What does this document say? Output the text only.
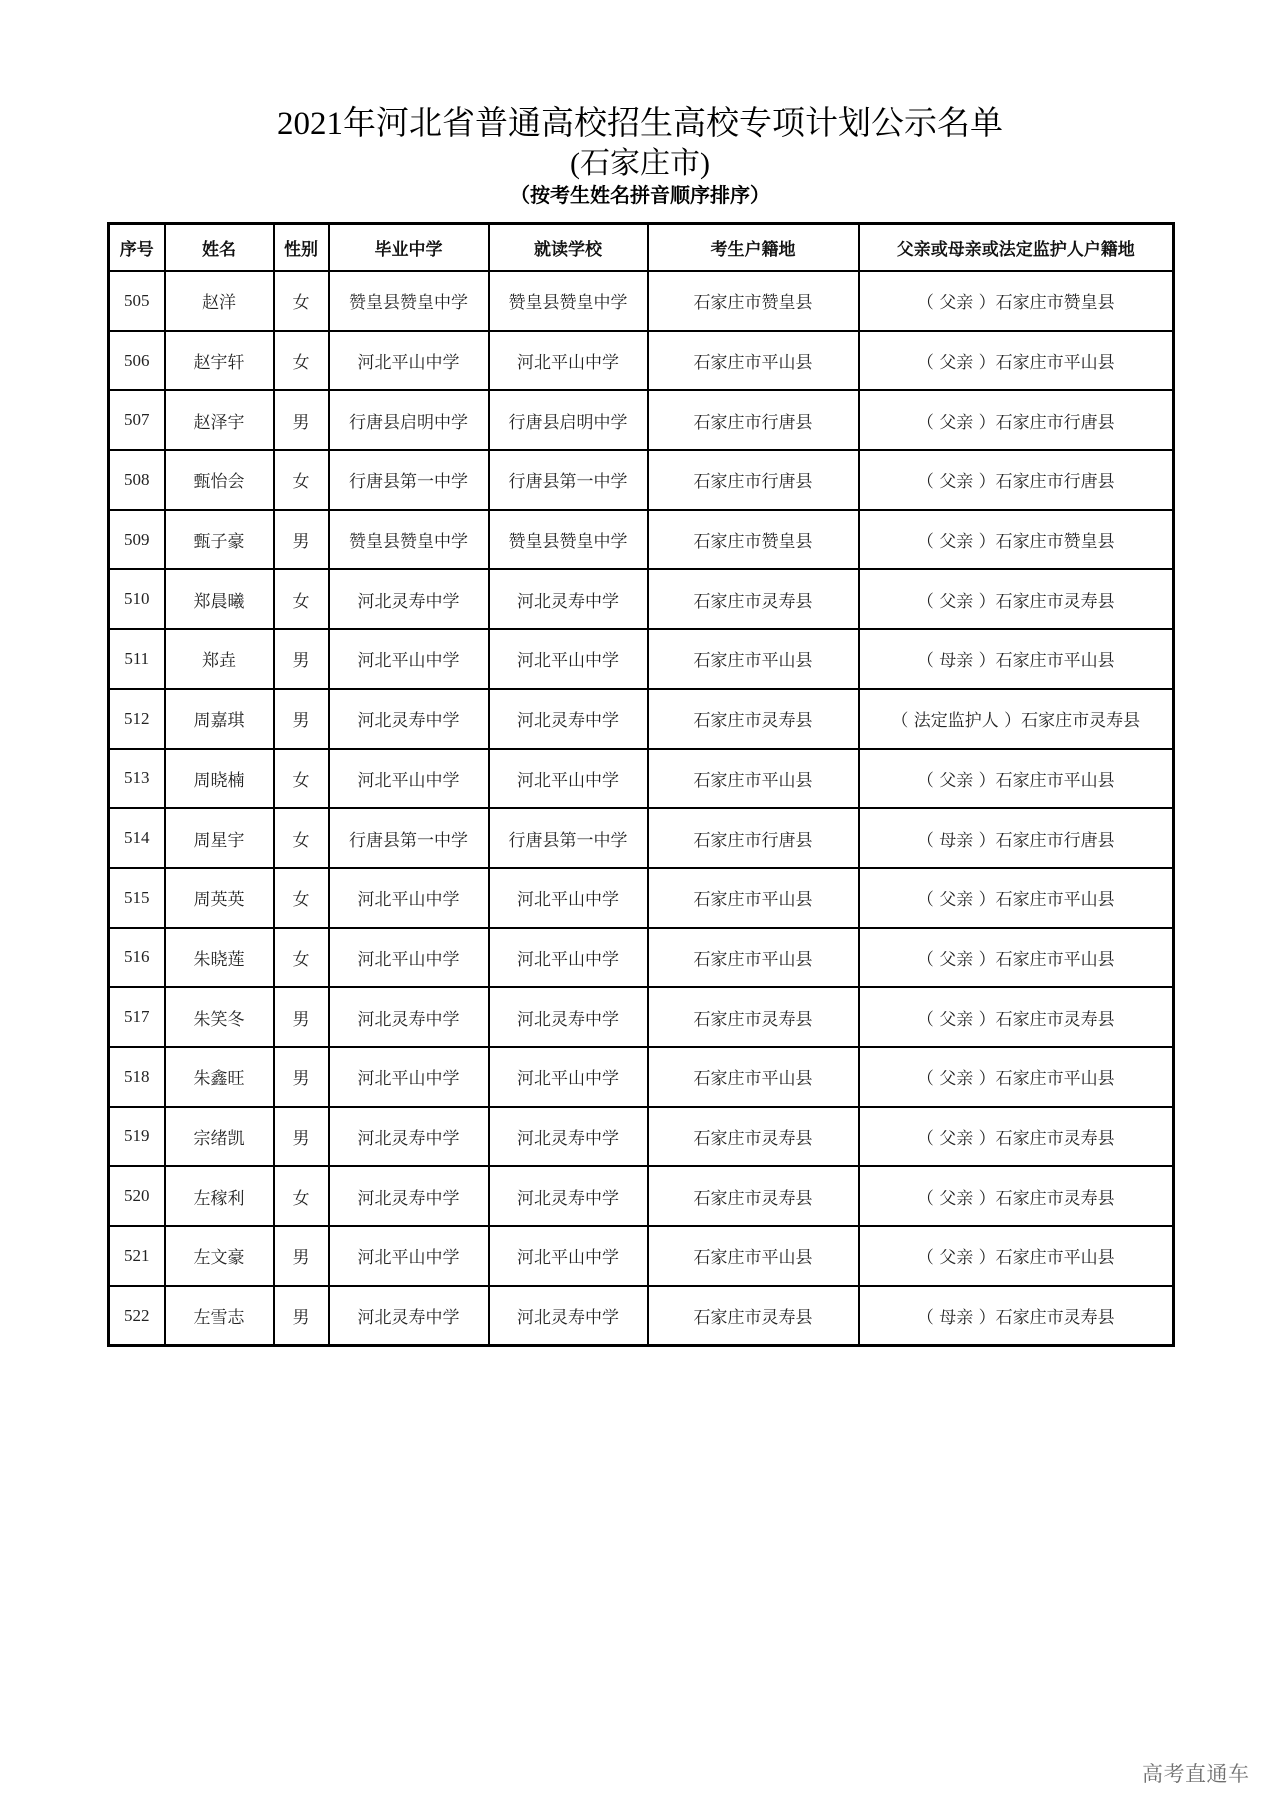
2021年河北省普通高校招生高校专项计划公示名单
(石家庄市)
（按考生姓名拼音顺序排序）
序号	姓名	性别	毕业中学	就读学校	考生户籍地	父亲或母亲或法定监护人户籍地
505	赵洋	女	赞皇县赞皇中学	赞皇县赞皇中学	石家庄市赞皇县	（ 父亲 ）石家庄市赞皇县
506	赵宇轩	女	河北平山中学	河北平山中学	石家庄市平山县	（ 父亲 ）石家庄市平山县
507	赵泽宇	男	行唐县启明中学	行唐县启明中学	石家庄市行唐县	（ 父亲 ）石家庄市行唐县
508	甄怡会	女	行唐县第一中学	行唐县第一中学	石家庄市行唐县	（ 父亲 ）石家庄市行唐县
509	甄子豪	男	赞皇县赞皇中学	赞皇县赞皇中学	石家庄市赞皇县	（ 父亲 ）石家庄市赞皇县
510	郑晨曦	女	河北灵寿中学	河北灵寿中学	石家庄市灵寿县	（ 父亲 ）石家庄市灵寿县
511	郑垚	男	河北平山中学	河北平山中学	石家庄市平山县	（ 母亲 ）石家庄市平山县
512	周嘉琪	男	河北灵寿中学	河北灵寿中学	石家庄市灵寿县	（ 法定监护人 ）石家庄市灵寿县
513	周晓楠	女	河北平山中学	河北平山中学	石家庄市平山县	（ 父亲 ）石家庄市平山县
514	周星宇	女	行唐县第一中学	行唐县第一中学	石家庄市行唐县	（ 母亲 ）石家庄市行唐县
515	周英英	女	河北平山中学	河北平山中学	石家庄市平山县	（ 父亲 ）石家庄市平山县
516	朱晓莲	女	河北平山中学	河北平山中学	石家庄市平山县	（ 父亲 ）石家庄市平山县
517	朱笑冬	男	河北灵寿中学	河北灵寿中学	石家庄市灵寿县	（ 父亲 ）石家庄市灵寿县
518	朱鑫旺	男	河北平山中学	河北平山中学	石家庄市平山县	（ 父亲 ）石家庄市平山县
519	宗绪凯	男	河北灵寿中学	河北灵寿中学	石家庄市灵寿县	（ 父亲 ）石家庄市灵寿县
520	左稼利	女	河北灵寿中学	河北灵寿中学	石家庄市灵寿县	（ 父亲 ）石家庄市灵寿县
521	左文豪	男	河北平山中学	河北平山中学	石家庄市平山县	（ 父亲 ）石家庄市平山县
522	左雪志	男	河北灵寿中学	河北灵寿中学	石家庄市灵寿县	（ 母亲 ）石家庄市灵寿县
高考直通车
